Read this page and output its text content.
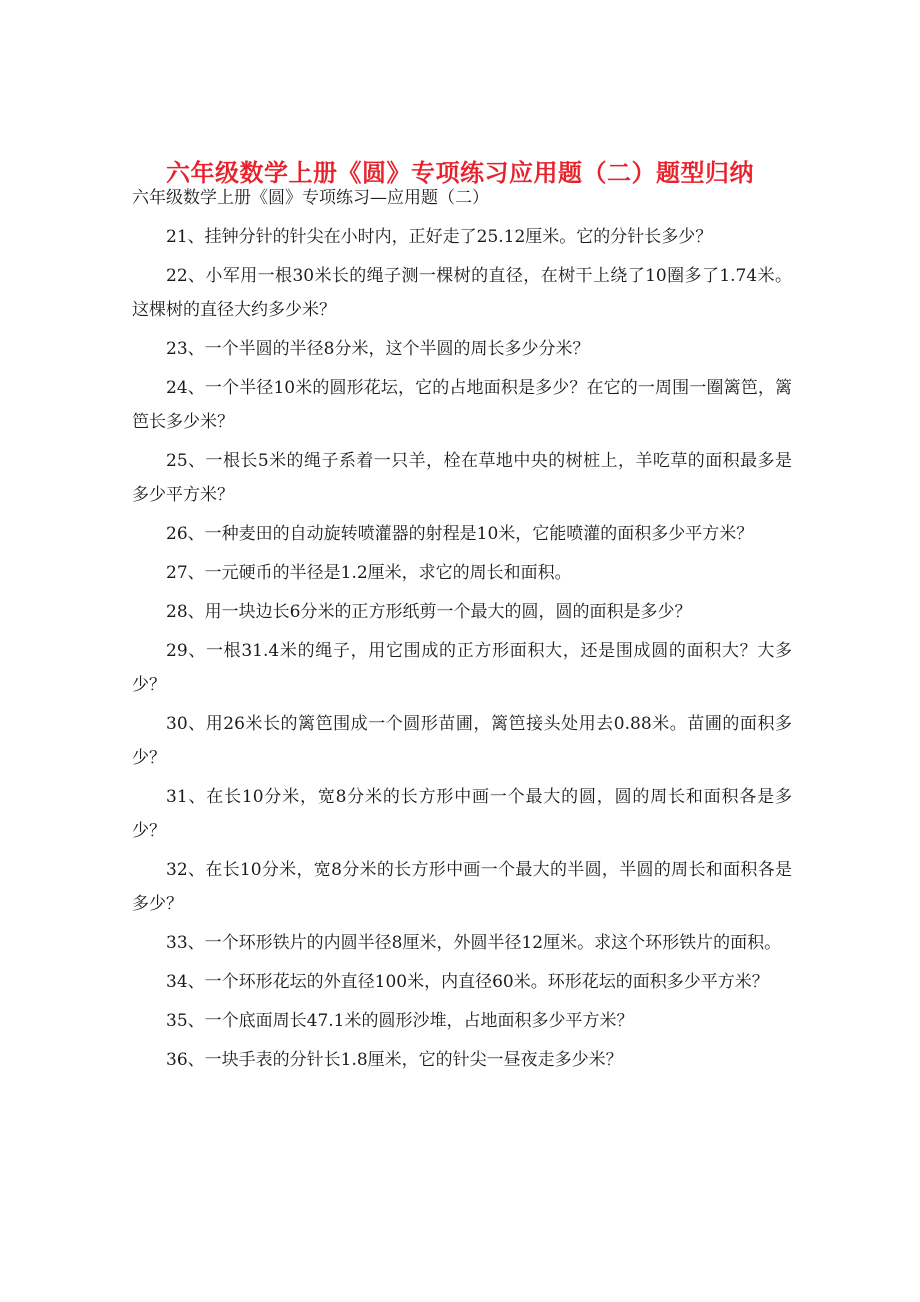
六年级数学上册《圆》专项练习应用题（二）题型归纳
六年级数学上册《圆》专项练习—应用题（二）
21、挂钟分针的针尖在小时内，正好走了25.12厘米。它的分针长多少？
22、小军用一根30米长的绳子测一棵树的直径，在树干上绕了10圈多了1.74米。这棵树的直径大约多少米？
23、一个半圆的半径8分米，这个半圆的周长多少分米？
24、一个半径10米的圆形花坛，它的占地面积是多少？在它的一周围一圈篱笆，篱笆长多少米？
25、一根长5米的绳子系着一只羊，栓在草地中央的树桩上，羊吃草的面积最多是多少平方米？
26、一种麦田的自动旋转喷灌器的射程是10米，它能喷灌的面积多少平方米？
27、一元硬币的半径是1.2厘米，求它的周长和面积。
28、用一块边长6分米的正方形纸剪一个最大的圆，圆的面积是多少？
29、一根31.4米的绳子，用它围成的正方形面积大，还是围成圆的面积大？大多少？
30、用26米长的篱笆围成一个圆形苗圃，篱笆接头处用去0.88米。苗圃的面积多少？
31、在长10分米，宽8分米的长方形中画一个最大的圆，圆的周长和面积各是多少？
32、在长10分米，宽8分米的长方形中画一个最大的半圆，半圆的周长和面积各是多少？
33、一个环形铁片的内圆半径8厘米，外圆半径12厘米。求这个环形铁片的面积。
34、一个环形花坛的外直径100米，内直径60米。环形花坛的面积多少平方米？
35、一个底面周长47.1米的圆形沙堆，占地面积多少平方米？
36、一块手表的分针长1.8厘米，它的针尖一昼夜走多少米？
